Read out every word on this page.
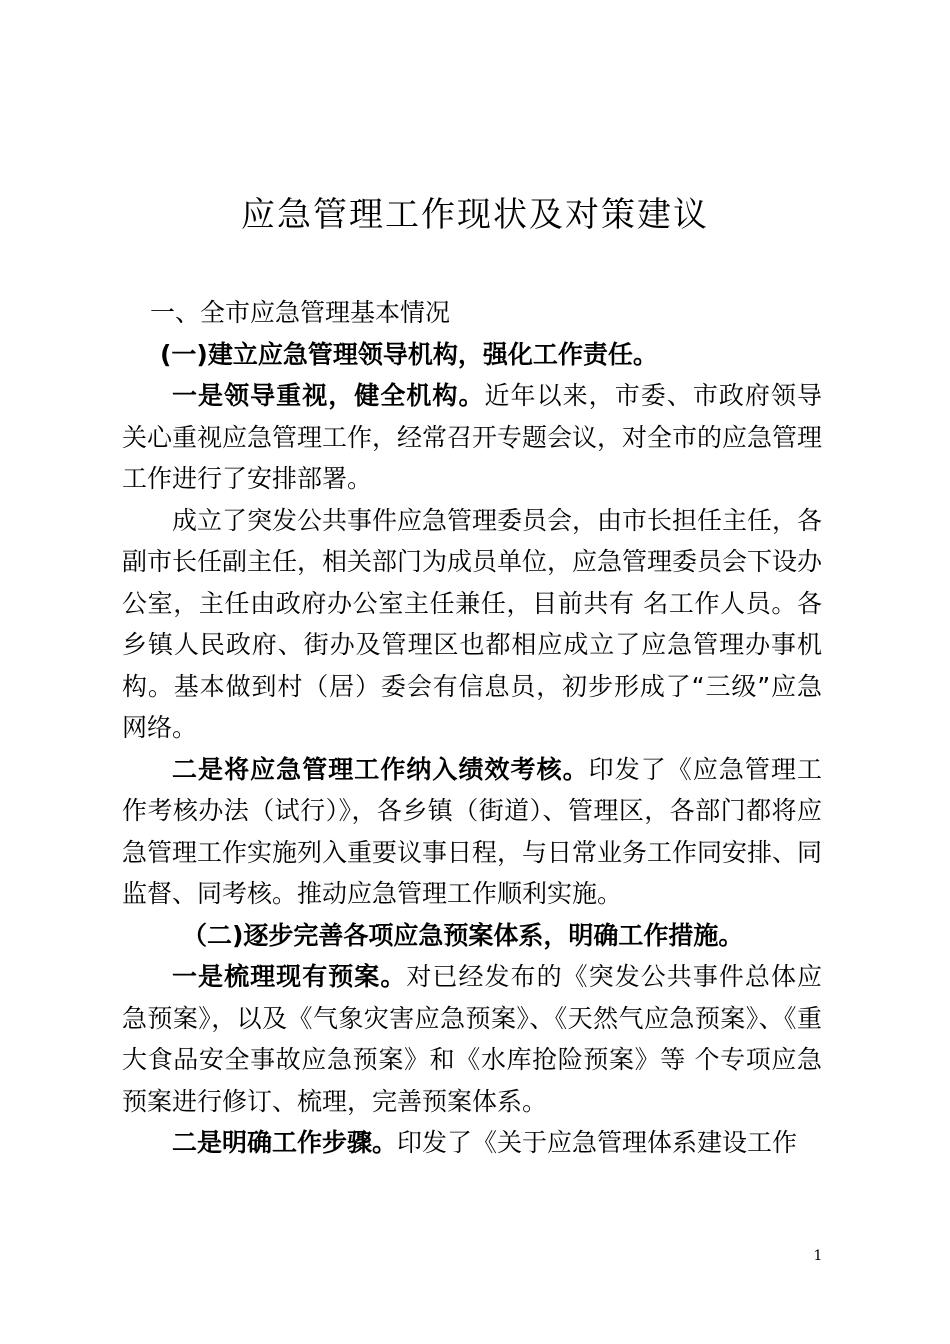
应急管理工作现状及对策建议

一、全市应急管理基本情况

(一)建立应急管理领导机构，强化工作责任。

一是领导重视，健全机构。近年以来，市委、市政府领导关心重视应急管理工作，经常召开专题会议，对全市的应急管理工作进行了安排部署。

成立了突发公共事件应急管理委员会，由市长担任主任，各副市长任副主任，相关部门为成员单位，应急管理委员会下设办公室，主任由政府办公室主任兼任，目前共有 名工作人员。各乡镇人民政府、街办及管理区也都相应成立了应急管理办事机构。基本做到村（居）委会有信息员，初步形成了“三级”应急网络。

二是将应急管理工作纳入绩效考核。印发了《应急管理工作考核办法（试行）》，各乡镇（街道）、管理区，各部门都将应急管理工作实施列入重要议事日程，与日常业务工作同安排、同监督、同考核。推动应急管理工作顺利实施。

（二)逐步完善各项应急预案体系，明确工作措施。

一是梳理现有预案。对已经发布的《突发公共事件总体应急预案》，以及《气象灾害应急预案》、《天然气应急预案》、《重大食品安全事故应急预案》和《水库抢险预案》等 个专项应急预案进行修订、梳理，完善预案体系。

二是明确工作步骤。印发了《关于应急管理体系建设工作

1
